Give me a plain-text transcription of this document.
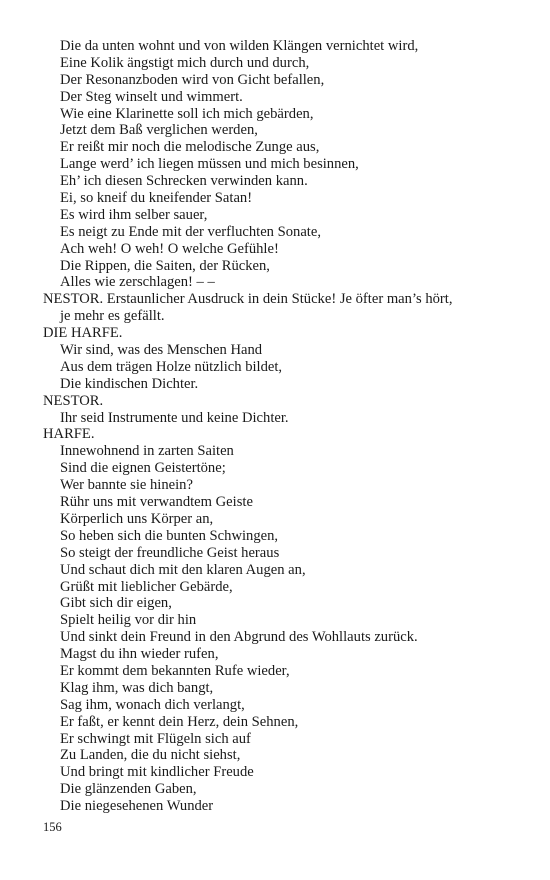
Die da unten wohnt und von wilden Klängen vernichtet wird,
Eine Kolik ängstigt mich durch und durch,
Der Resonanzboden wird von Gicht befallen,
Der Steg winselt und wimmert.
Wie eine Klarinette soll ich mich gebärden,
Jetzt dem Baß verglichen werden,
Er reißt mir noch die melodische Zunge aus,
Lange werd’ ich liegen müssen und mich besinnen,
Eh’ ich diesen Schrecken verwinden kann.
Ei, so kneif du kneifender Satan!
Es wird ihm selber sauer,
Es neigt zu Ende mit der verfluchten Sonate,
Ach weh! O weh! O welche Gefühle!
Die Rippen, die Saiten, der Rücken,
Alles wie zerschlagen! – –
NESTOR. Erstaunlicher Ausdruck in dein Stücke! Je öfter man’s hört,
je mehr es gefällt.
DIE HARFE.
Wir sind, was des Menschen Hand
Aus dem trägen Holze nützlich bildet,
Die kindischen Dichter.
NESTOR.
Ihr seid Instrumente und keine Dichter.
HARFE.
Innewohnend in zarten Saiten
Sind die eignen Geistertöne;
Wer bannte sie hinein?
Rühr uns mit verwandtem Geiste
Körperlich uns Körper an,
So heben sich die bunten Schwingen,
So steigt der freundliche Geist heraus
Und schaut dich mit den klaren Augen an,
Grüßt mit lieblicher Gebärde,
Gibt sich dir eigen,
Spielt heilig vor dir hin
Und sinkt dein Freund in den Abgrund des Wohllauts zurück.
Magst du ihn wieder rufen,
Er kommt dem bekannten Rufe wieder,
Klag ihm, was dich bangt,
Sag ihm, wonach dich verlangt,
Er faßt, er kennt dein Herz, dein Sehnen,
Er schwingt mit Flügeln sich auf
Zu Landen, die du nicht siehst,
Und bringt mit kindlicher Freude
Die glänzenden Gaben,
Die niegesehenen Wunder
156
